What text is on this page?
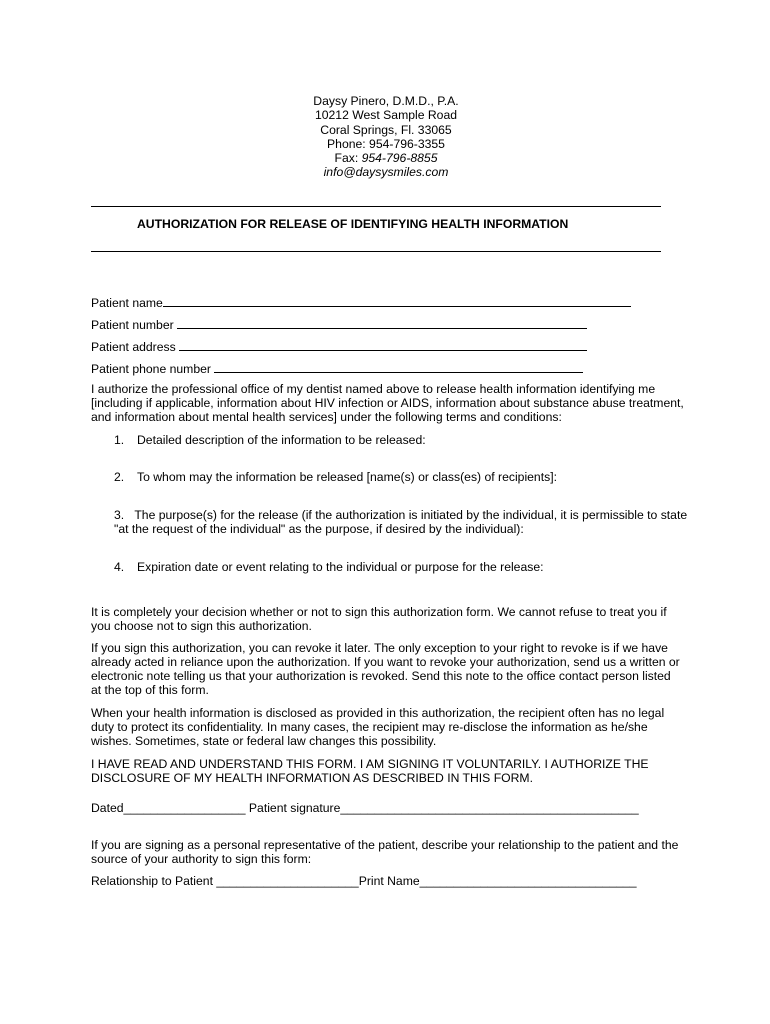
Daysy Pinero, D.M.D., P.A.
10212 West Sample Road
Coral Springs, Fl. 33065
Phone: 954-796-3355
Fax: 954-796-8855
info@daysysmiles.com
AUTHORIZATION FOR RELEASE OF IDENTIFYING HEALTH INFORMATION
Patient name
Patient number
Patient address
Patient phone number
I authorize the professional office of my dentist named above to release health information identifying me [including if applicable, information about HIV infection or AIDS, information about substance abuse treatment, and information about mental health services] under the following terms and conditions:
1. Detailed description of the information to be released:
2. To whom may the information be released [name(s) or class(es) of recipients]:
3. The purpose(s) for the release (if the authorization is initiated by the individual, it is permissible to state "at the request of the individual" as the purpose, if desired by the individual):
4. Expiration date or event relating to the individual or purpose for the release:
It is completely your decision whether or not to sign this authorization form. We cannot refuse to treat you if you choose not to sign this authorization.
If you sign this authorization, you can revoke it later. The only exception to your right to revoke is if we have already acted in reliance upon the authorization. If you want to revoke your authorization, send us a written or electronic note telling us that your authorization is revoked. Send this note to the office contact person listed at the top of this form.
When your health information is disclosed as provided in this authorization, the recipient often has no legal duty to protect its confidentiality. In many cases, the recipient may re-disclose the information as he/she wishes. Sometimes, state or federal law changes this possibility.
I HAVE READ AND UNDERSTAND THIS FORM. I AM SIGNING IT VOLUNTARILY. I AUTHORIZE THE DISCLOSURE OF MY HEALTH INFORMATION AS DESCRIBED IN THIS FORM.
Dated__________________ Patient signature____________________________________________
If you are signing as a personal representative of the patient, describe your relationship to the patient and the source of your authority to sign this form:
Relationship to Patient _____________________Print Name________________________________
